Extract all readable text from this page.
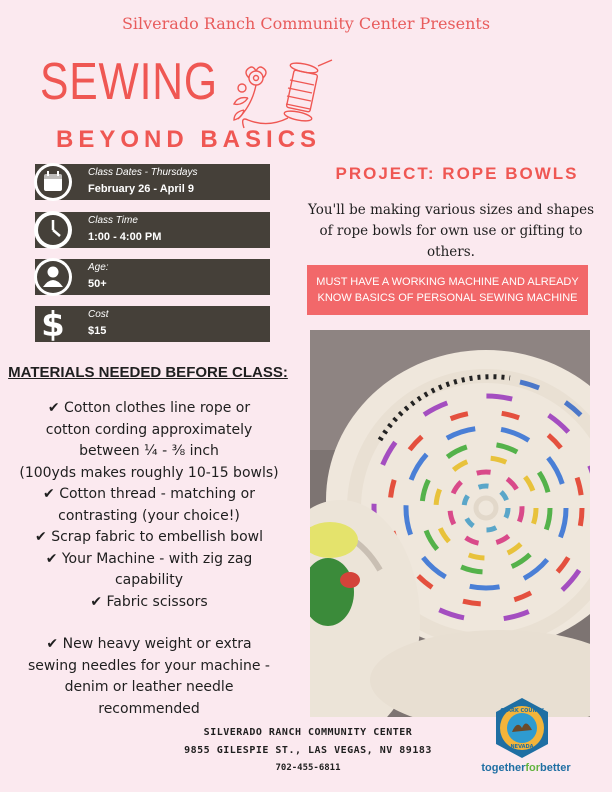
Silverado Ranch Community Center Presents
SEWING
BEYOND BASICS
Class Dates - Thursdays
February 26 - April 9
Class Time
1:00 - 4:00 PM
Age:
50+
$ Cost
$15
PROJECT: ROPE BOWLS
You'll be making various sizes and shapes of rope bowls for own use or gifting to others.
MUST HAVE A WORKING MACHINE AND ALREADY
KNOW BASICS OF PERSONAL SEWING MACHINE
MATERIALS NEEDED BEFORE CLASS:
✔ Cotton clothes line rope or
cotton cording approximately
between ¼ - ⅜ inch
(100yds makes roughly 10-15 bowls)
✔ Cotton thread - matching or
contrasting (your choice!)
✔ Scrap fabric to embellish bowl
✔ Your Machine - with zig zag
capability
✔ Fabric scissors
✔ New heavy weight or extra
sewing needles for your machine -
denim or leather needle
recommended
SILVERADO RANCH COMMUNITY CENTER
9855 GILESPIE ST., LAS VEGAS, NV 89183
702-455-6811
CLARK COUNTY
NEVADA
togetherforbetter
